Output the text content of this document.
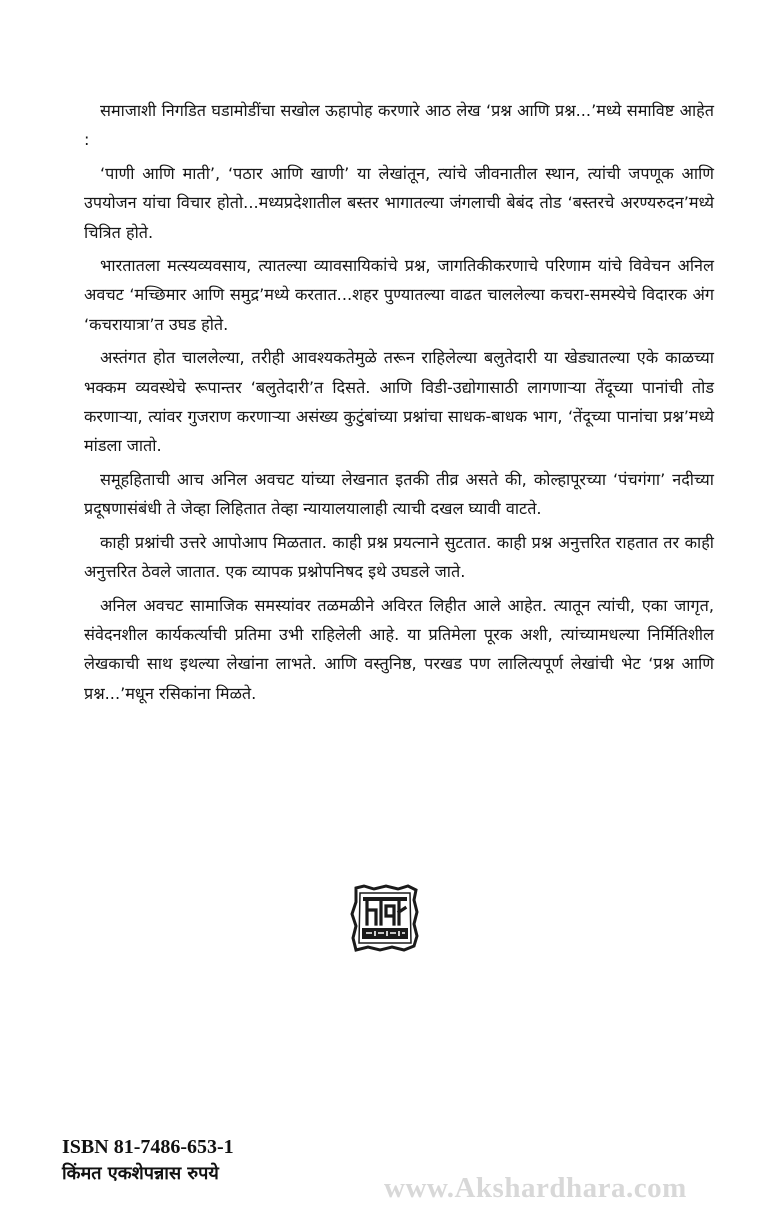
समाजाशी निगडित घडामोडींचा सखोल ऊहापोह करणारे आठ लेख ‘प्रश्न आणि प्रश्न...’मध्ये समाविष्ट आहेत :

‘पाणी आणि माती’, ‘पठार आणि खाणी’ या लेखांतून, त्यांचे जीवनातील स्थान, त्यांची जपणूक आणि उपयोजन यांचा विचार होतो...मध्यप्रदेशातील बस्तर भागातल्या जंगलाची बेबंद तोड ‘बस्तरचे अरण्यरुदन’मध्ये चित्रित होते.

भारतातला मत्स्यव्यवसाय, त्यातल्या व्यावसायिकांचे प्रश्न, जागतिकीकरणाचे परिणाम यांचे विवेचन अनिल अवचट ‘मच्छिमार आणि समुद्र’मध्ये करतात...शहर पुण्यातल्या वाढत चाललेल्या कचरा-समस्येचे विदारक अंग ‘कचरायात्रा’त उघड होते.

अस्तंगत होत चाललेल्या, तरीही आवश्यकतेमुळे तरून राहिलेल्या बलुतेदारी या खेड्यातल्या एके काळच्या भक्कम व्यवस्थेचे रूपान्तर ‘बलुतेदारी’त दिसते. आणि विडी-उद्योगासाठी लागणाऱ्या तेंदूच्या पानांची तोड करणाऱ्या, त्यांवर गुजराण करणाऱ्या असंख्य कुटुंबांच्या प्रश्नांचा साधक-बाधक भाग, ‘तेंदूच्या पानांचा प्रश्न’मध्ये मांडला जातो.

समूहहिताची आच अनिल अवचट यांच्या लेखनात इतकी तीव्र असते की, कोल्हापूरच्या ‘पंचगंगा’ नदीच्या प्रदूषणासंबंधी ते जेव्हा लिहितात तेव्हा न्यायालयालाही त्याची दखल घ्यावी वाटते.

काही प्रश्नांची उत्तरे आपोआप मिळतात. काही प्रश्न प्रयत्नाने सुटतात. काही प्रश्न अनुत्तरित राहतात तर काही अनुत्तरित ठेवले जातात. एक व्यापक प्रश्नोपनिषद इथे उघडले जाते.

अनिल अवचट सामाजिक समस्यांवर तळमळीने अविरत लिहीत आले आहेत. त्यातून त्यांची, एका जागृत, संवेदनशील कार्यकर्त्याची प्रतिमा उभी राहिलेली आहे. या प्रतिमेला पूरक अशी, त्यांच्यामधल्या निर्मितिशील लेखकाची साथ इथल्या लेखांना लाभते. आणि वस्तुनिष्ठ, परखड पण लालित्यपूर्ण लेखांची भेट ‘प्रश्न आणि प्रश्न...’मधून रसिकांना मिळते.

ISBN 81-7486-653-1
किंमत एकशेपन्नास रुपये	www.Akshardhara.com
